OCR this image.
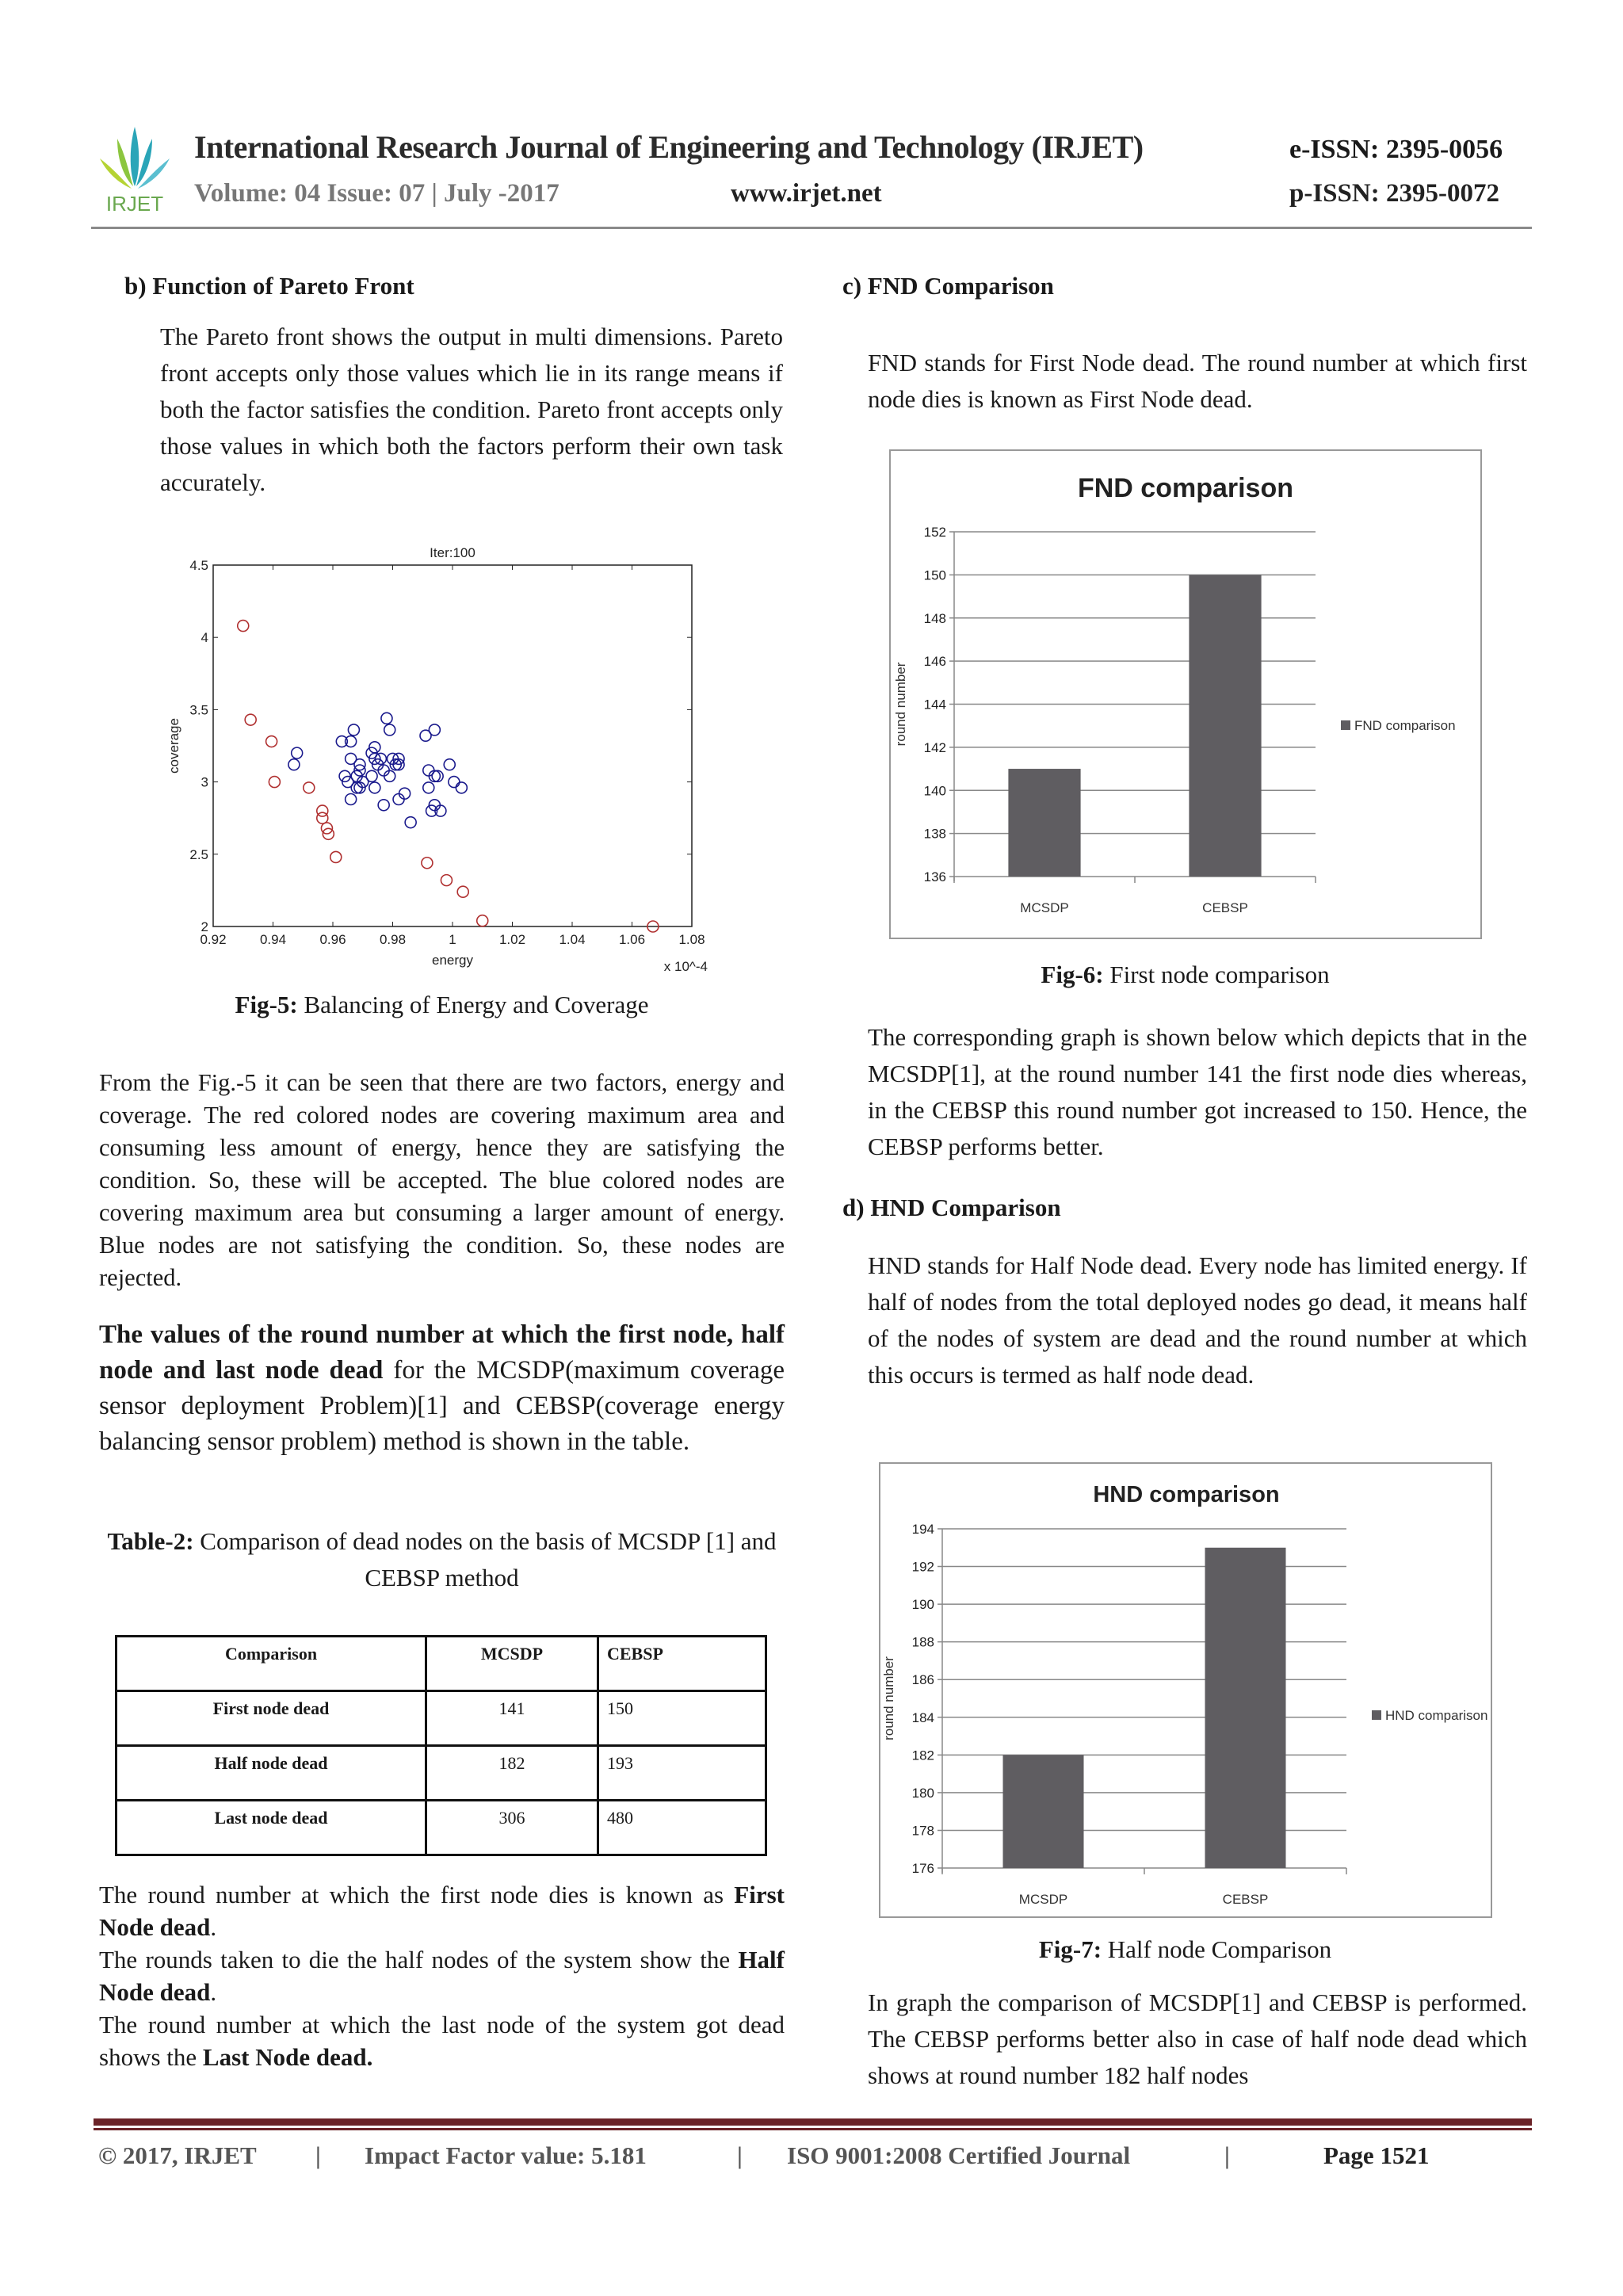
IRJET
International Research Journal of Engineering and Technology (IRJET)	e-ISSN: 2395-0056
Volume: 04 Issue: 07 | July -2017	www.irjet.net	p-ISSN: 2395-0072
b) Function of Pareto Front
The Pareto front shows the output in multi dimensions. Pareto front accepts only those values which lie in its range means if both the factor satisfies the condition. Pareto front accepts only those values in which both the factors perform their own task accurately.
0.92 0.94 0.96 0.98	1	1.02 1.04 1.06 1.08
2
2.5
3
3.5
4
4.5
Iter:100
energy
coverage
x 10^-4
Fig-5: Balancing of Energy and Coverage
From the Fig.-5 it can be seen that there are two factors, energy and coverage. The red colored nodes are covering maximum area and consuming less amount of energy, hence they are satisfying the condition. So, these will be accepted. The blue colored nodes are covering maximum area but consuming a larger amount of energy. Blue nodes are not satisfying the condition. So, these nodes are rejected.
The values of the round number at which the first node, half node and last node dead for the MCSDP(maximum coverage sensor deployment Problem)[1] and CEBSP(coverage energy balancing sensor problem) method is shown in the table.
Table-2: Comparison of dead nodes on the basis of MCSDP [1] and CEBSP method
Comparison	MCSDP	CEBSP
First node dead	141	150
Half node dead	182	193
Last node dead	306	480
The round number at which the first node dies is known as First Node dead.
The rounds taken to die the half nodes of the system show the Half Node dead.
The round number at which the last node of the system got dead shows the Last Node dead.
c) FND Comparison
FND stands for First Node dead. The round number at which first node dies is known as First Node dead.
136
138
140
142
144
146
148
150
152
MCSDP	CEBSP
FND comparison
round number	FND comparison
Fig-6: First node comparison
The corresponding graph is shown below which depicts that in the MCSDP[1], at the round number 141 the first node dies whereas, in the CEBSP this round number got increased to 150. Hence, the CEBSP performs better.
d) HND Comparison
HND stands for Half Node dead. Every node has limited energy. If half of nodes from the total deployed nodes go dead, it means half of the nodes of system are dead and the round number at which this occurs is termed as half node dead.
176
178
180
182
184
186
188
190
192
194
MCSDP	CEBSP
HND comparison
round number	HND comparison
Fig-7: Half node Comparison
In graph the comparison of MCSDP[1] and CEBSP is performed. The CEBSP performs better also in case of half node dead which shows at round number 182 half nodes
© 2017, IRJET | Impact Factor value: 5.181	| ISO 9001:2008 Certified Journal	|	Page 1521
